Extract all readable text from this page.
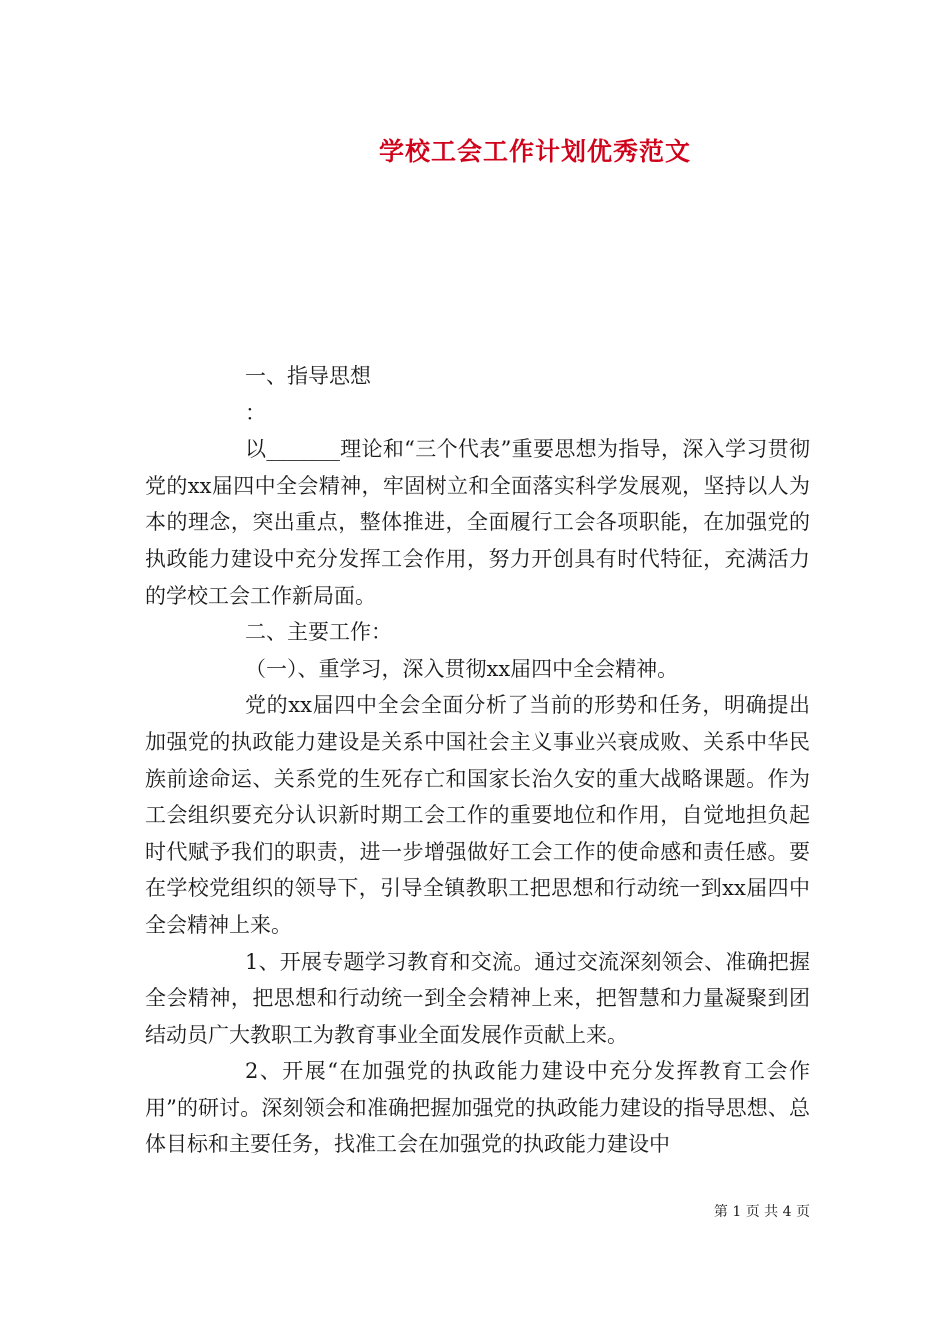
学校工会工作计划优秀范文

一、指导思想

：

以_______理论和“三个代表”重要思想为指导，深入学习贯彻党的xx届四中全会精神，牢固树立和全面落实科学发展观，坚持以人为本的理念，突出重点，整体推进，全面履行工会各项职能，在加强党的执政能力建设中充分发挥工会作用，努力开创具有时代特征，充满活力的学校工会工作新局面。

二、主要工作：

（一）、重学习，深入贯彻xx届四中全会精神。

党的xx届四中全会全面分析了当前的形势和任务，明确提出加强党的执政能力建设是关系中国社会主义事业兴衰成败、关系中华民族前途命运、关系党的生死存亡和国家长治久安的重大战略课题。作为工会组织要充分认识新时期工会工作的重要地位和作用，自觉地担负起时代赋予我们的职责，进一步增强做好工会工作的使命感和责任感。要在学校党组织的领导下，引导全镇教职工把思想和行动统一到xx届四中全会精神上来。

1、开展专题学习教育和交流。通过交流深刻领会、准确把握全会精神，把思想和行动统一到全会精神上来，把智慧和力量凝聚到团结动员广大教职工为教育事业全面发展作贡献上来。

2、开展“在加强党的执政能力建设中充分发挥教育工会作用”的研讨。深刻领会和准确把握加强党的执政能力建设的指导思想、总体目标和主要任务，找准工会在加强党的执政能力建设中

第 1 页 共 4 页
